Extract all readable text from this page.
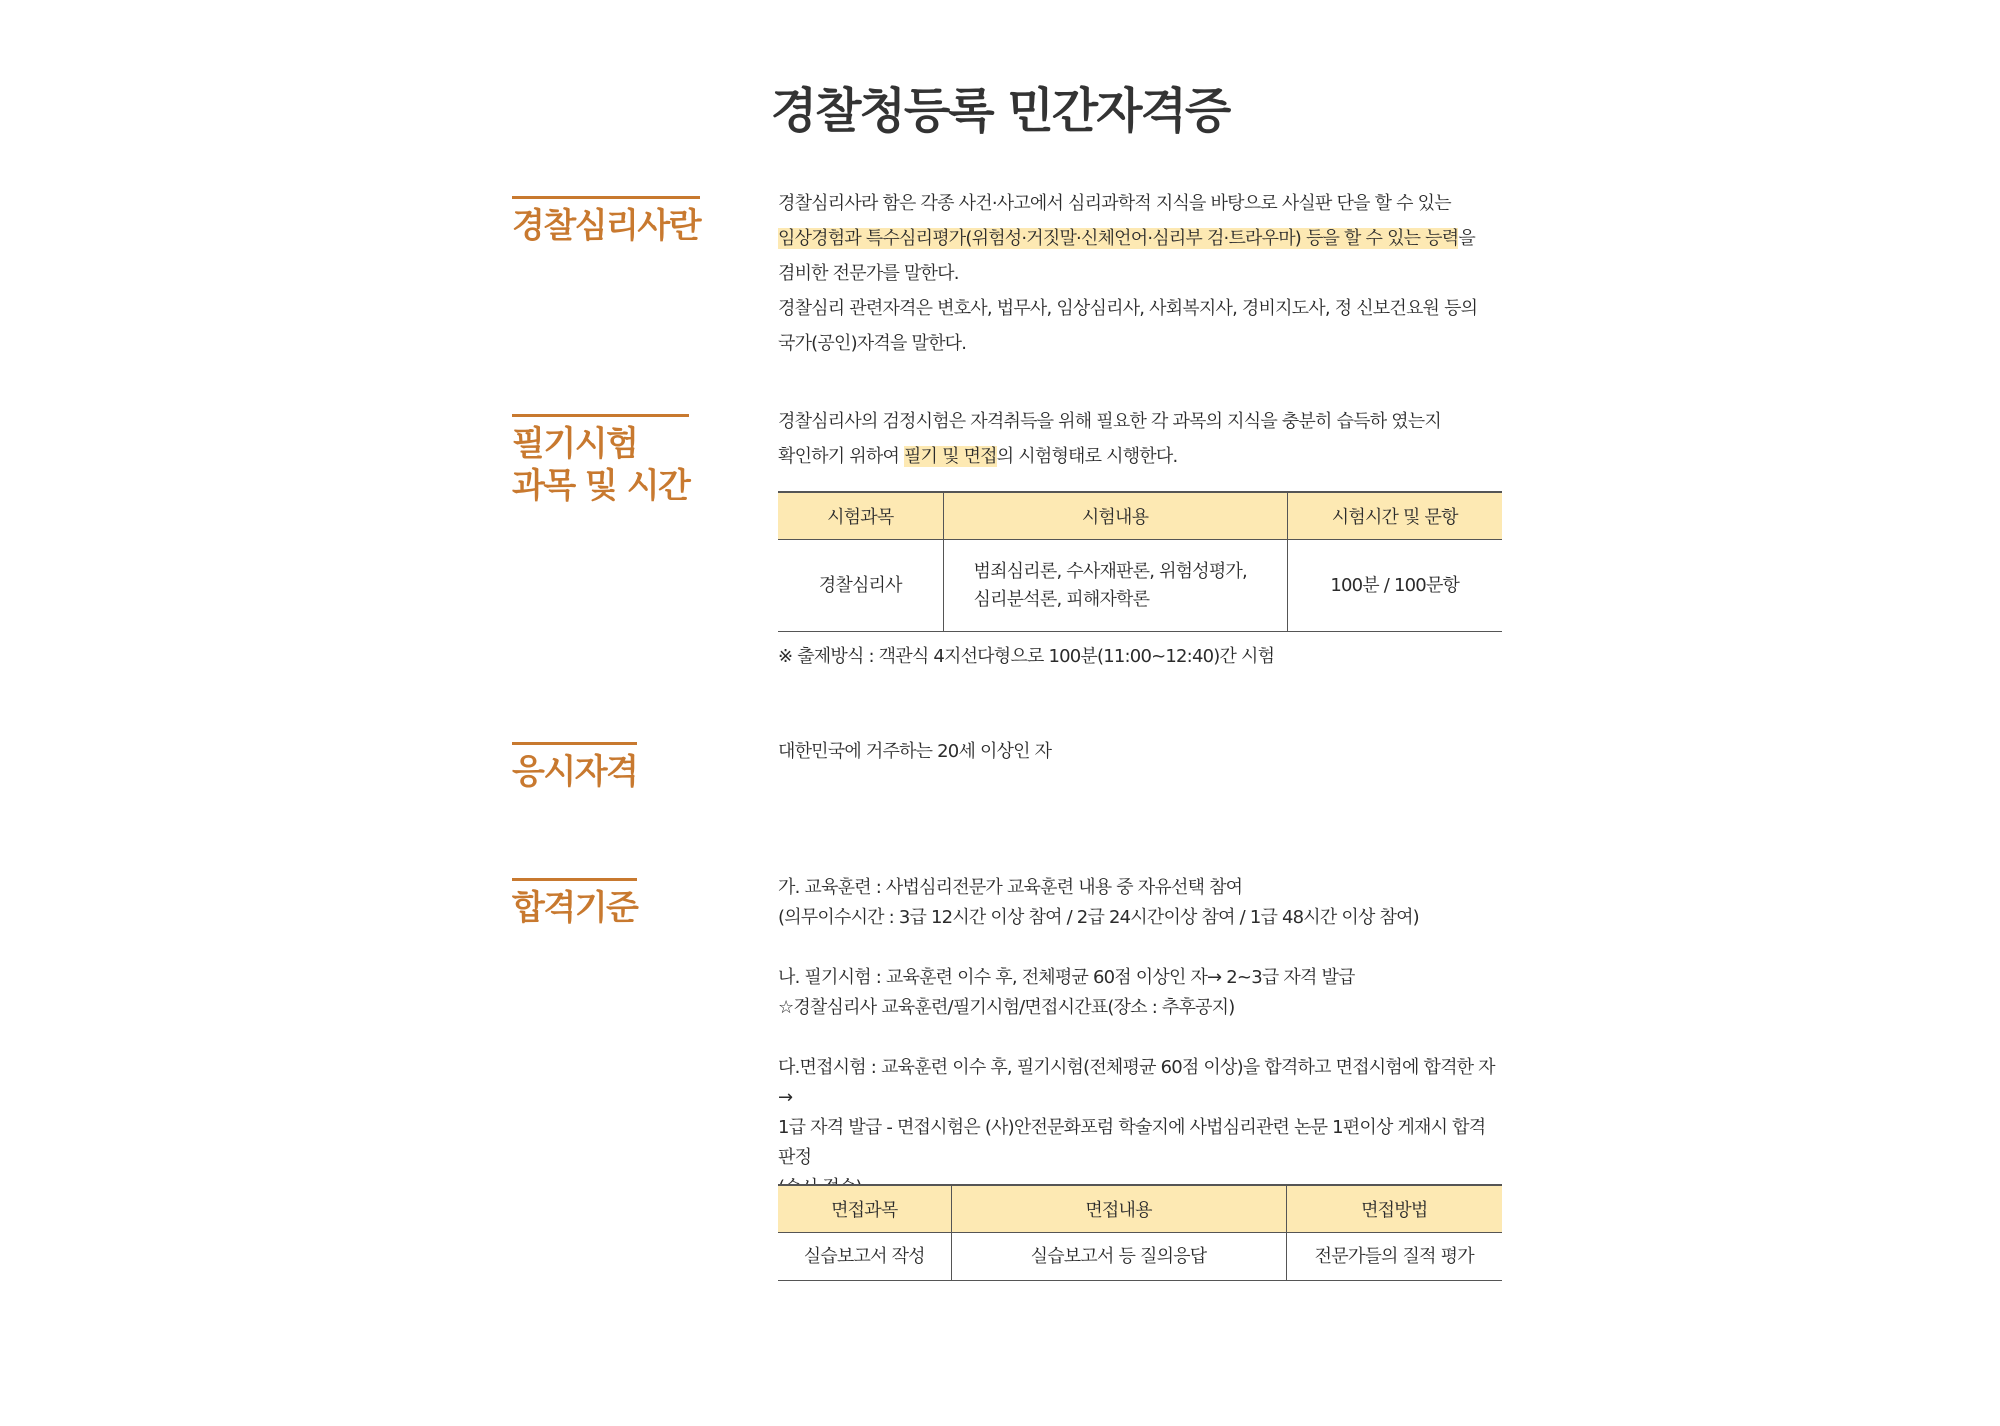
경찰청등록 민간자격증
경찰심리사란
경찰심리사라 함은 각종 사건·사고에서 심리과학적 지식을 바탕으로 사실판 단을 할 수 있는
임상경험과 특수심리평가(위험성·거짓말·신체언어·심리부 검·트라우마) 등을 할 수 있는 능력을
겸비한 전문가를 말한다.
경찰심리 관련자격은 변호사, 법무사, 임상심리사, 사회복지사, 경비지도사, 정 신보건요원 등의
국가(공인)자격을 말한다.
필기시험
과목 및 시간
경찰심리사의 검정시험은 자격취득을 위해 필요한 각 과목의 지식을 충분히 습득하 였는지
확인하기 위하여 필기 및 면접의 시험형태로 시행한다.
시험과목	시험내용	시험시간 및 문항
경찰심리사	범죄심리론, 수사재판론, 위험성평가,
심리분석론, 피해자학론	100분 / 100문항
※ 출제방식 : 객관식 4지선다형으로 100분(11:00~12:40)간 시험
응시자격
대한민국에 거주하는 20세 이상인 자
합격기준
가. 교육훈련 : 사법심리전문가 교육훈련 내용 중 자유선택 참여
(의무이수시간 : 3급 12시간 이상 참여 / 2급 24시간이상 참여 / 1급 48시간 이상 참여)
나. 필기시험 : 교육훈련 이수 후, 전체평균 60점 이상인 자→ 2~3급 자격 발급
☆경찰심리사 교육훈련/필기시험/면접시간표(장소 : 추후공지)
다.면접시험 : 교육훈련 이수 후, 필기시험(전체평균 60점 이상)을 합격하고 면접시험에 합격한 자→
1급 자격 발급 - 면접시험은 (사)안전문화포럼 학술지에 사법심리관련 논문 1편이상 게재시 합격 판정
면접과목	면접내용	면접방법
실습보고서 작성	실습보고서 등 질의응답	전문가들의 질적 평가
